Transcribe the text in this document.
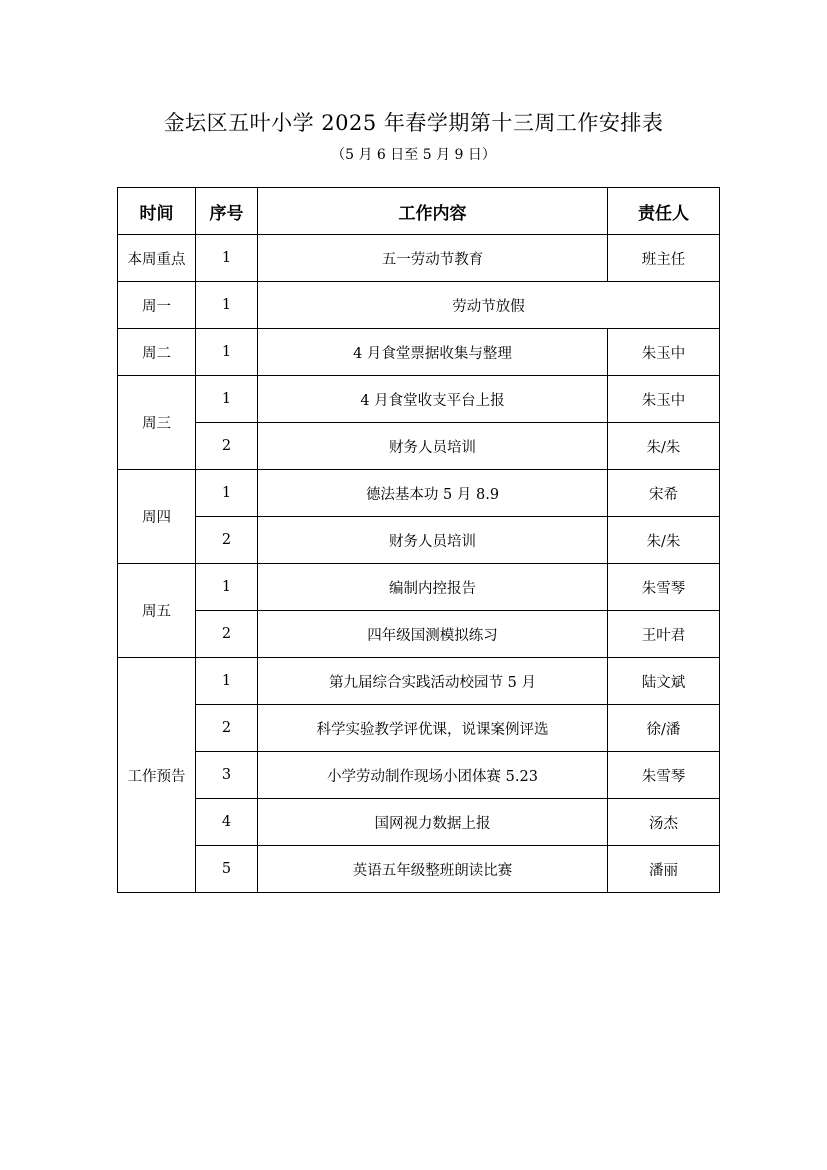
金坛区五叶小学 2025 年春学期第十三周工作安排表
（5 月 6 日至 5 月 9 日）
时间	序号	工作内容	责任人
本周重点	1	五一劳动节教育	班主任
周一	1	劳动节放假	
周二	1	4 月食堂票据收集与整理	朱玉中
周三	1	4 月食堂收支平台上报	朱玉中
	2	财务人员培训	朱/朱
周四	1	德法基本功 5 月 8.9	宋希
	2	财务人员培训	朱/朱
周五	1	编制内控报告	朱雪琴
	2	四年级国测模拟练习	王叶君
工作预告	1	第九届综合实践活动校园节 5 月	陆文斌
	2	科学实验教学评优课，说课案例评选	徐/潘
	3	小学劳动制作现场小团体赛 5.23	朱雪琴
	4	国网视力数据上报	汤杰
	5	英语五年级整班朗读比赛	潘丽
